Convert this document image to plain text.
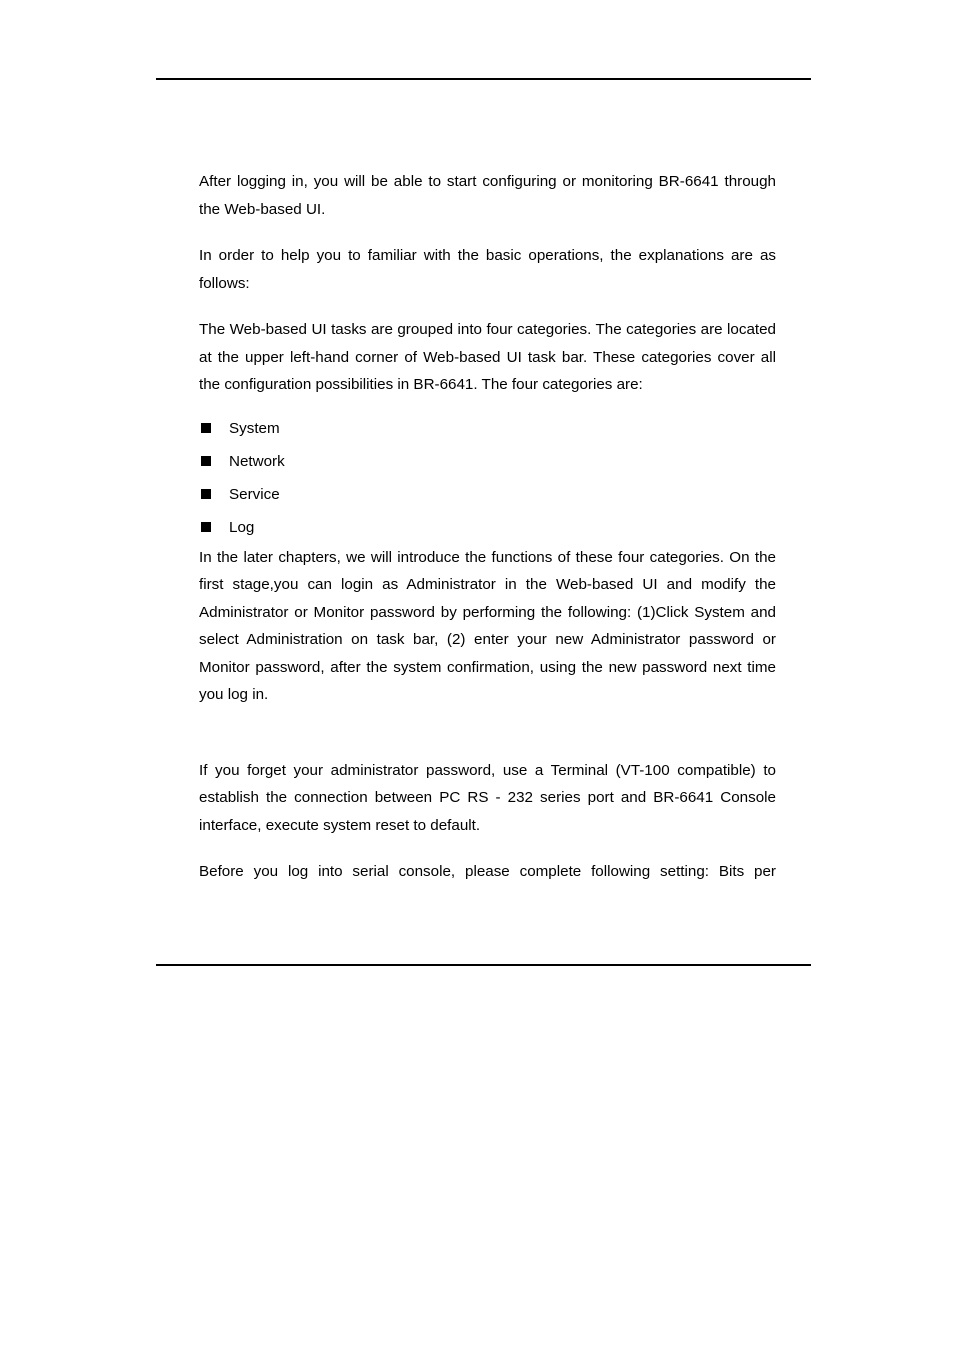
After logging in, you will be able to start configuring or monitoring BR-6641 through the Web-based UI.

In order to help you to familiar with the basic operations, the explanations are as follows:

The Web-based UI tasks are grouped into four categories. The categories are located at the upper left-hand corner of Web-based UI task bar. These categories cover all the configuration possibilities in BR-6641. The four categories are:

System
Network
Service
Log

In the later chapters, we will introduce the functions of these four categories. On the first stage,you can login as Administrator in the Web-based UI and modify the Administrator or Monitor password by performing the following: (1)Click System and select Administration on task bar, (2) enter your new Administrator password or Monitor password, after the system confirmation, using the new password next time you log in.

If you forget your administrator password, use a Terminal (VT-100 compatible) to establish the connection between PC RS - 232 series port and BR-6641 Console interface, execute system reset to default.

Before you log into serial console, please complete following setting: Bits per
